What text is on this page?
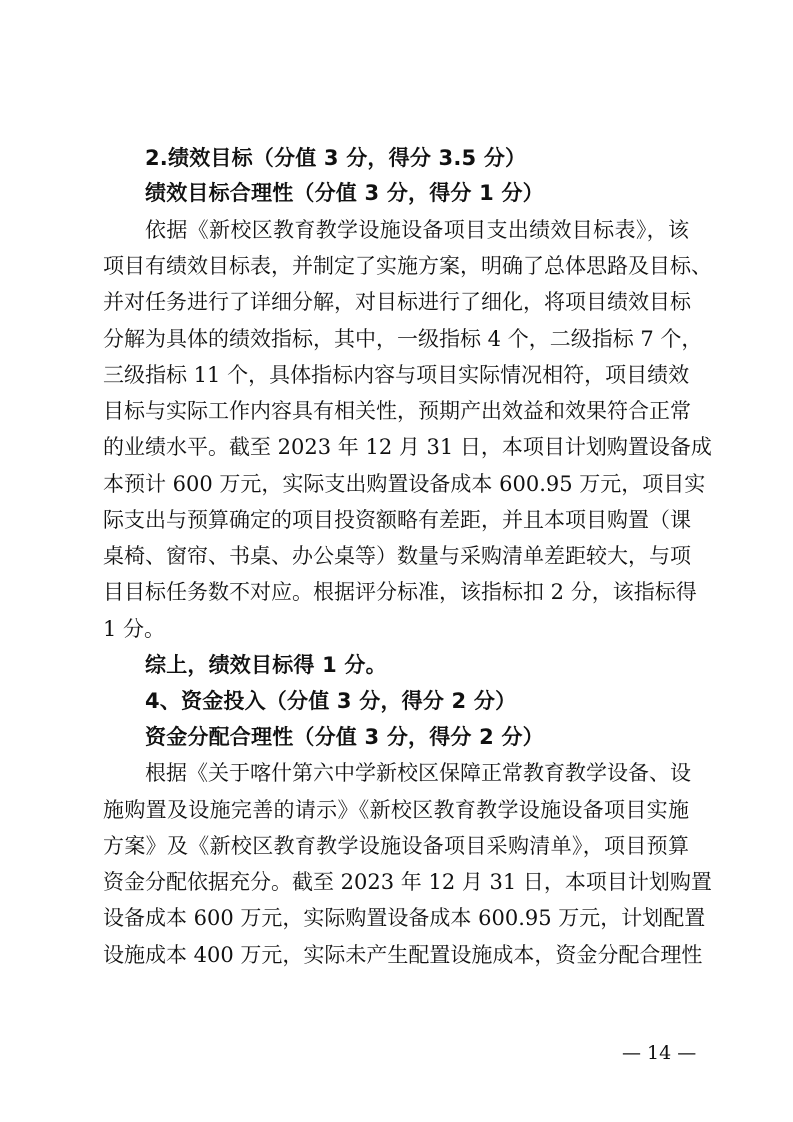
2.绩效目标（分值 3 分，得分 3.5 分）
绩效目标合理性（分值 3 分，得分 1 分）
依据《新校区教育教学设施设备项目支出绩效目标表》，该
项目有绩效目标表，并制定了实施方案，明确了总体思路及目标、
并对任务进行了详细分解，对目标进行了细化，将项目绩效目标
分解为具体的绩效指标，其中，一级指标 4 个，二级指标 7 个，
三级指标 11 个，具体指标内容与项目实际情况相符，项目绩效
目标与实际工作内容具有相关性，预期产出效益和效果符合正常
的业绩水平。截至 2023 年 12 月 31 日，本项目计划购置设备成
本预计 600 万元，实际支出购置设备成本 600.95 万元，项目实
际支出与预算确定的项目投资额略有差距，并且本项目购置（课
桌椅、窗帘、书桌、办公桌等）数量与采购清单差距较大，与项
目目标任务数不对应。根据评分标准，该指标扣 2 分，该指标得
1 分。
综上，绩效目标得 1 分。
4、资金投入（分值 3 分，得分 2 分）
资金分配合理性（分值 3 分，得分 2 分）
根据《关于喀什第六中学新校区保障正常教育教学设备、设
施购置及设施完善的请示》《新校区教育教学设施设备项目实施
方案》及《新校区教育教学设施设备项目采购清单》，项目预算
资金分配依据充分。截至 2023 年 12 月 31 日，本项目计划购置
设备成本 600 万元，实际购置设备成本 600.95 万元，计划配置
设施成本 400 万元，实际未产生配置设施成本，资金分配合理性
— 14 —
